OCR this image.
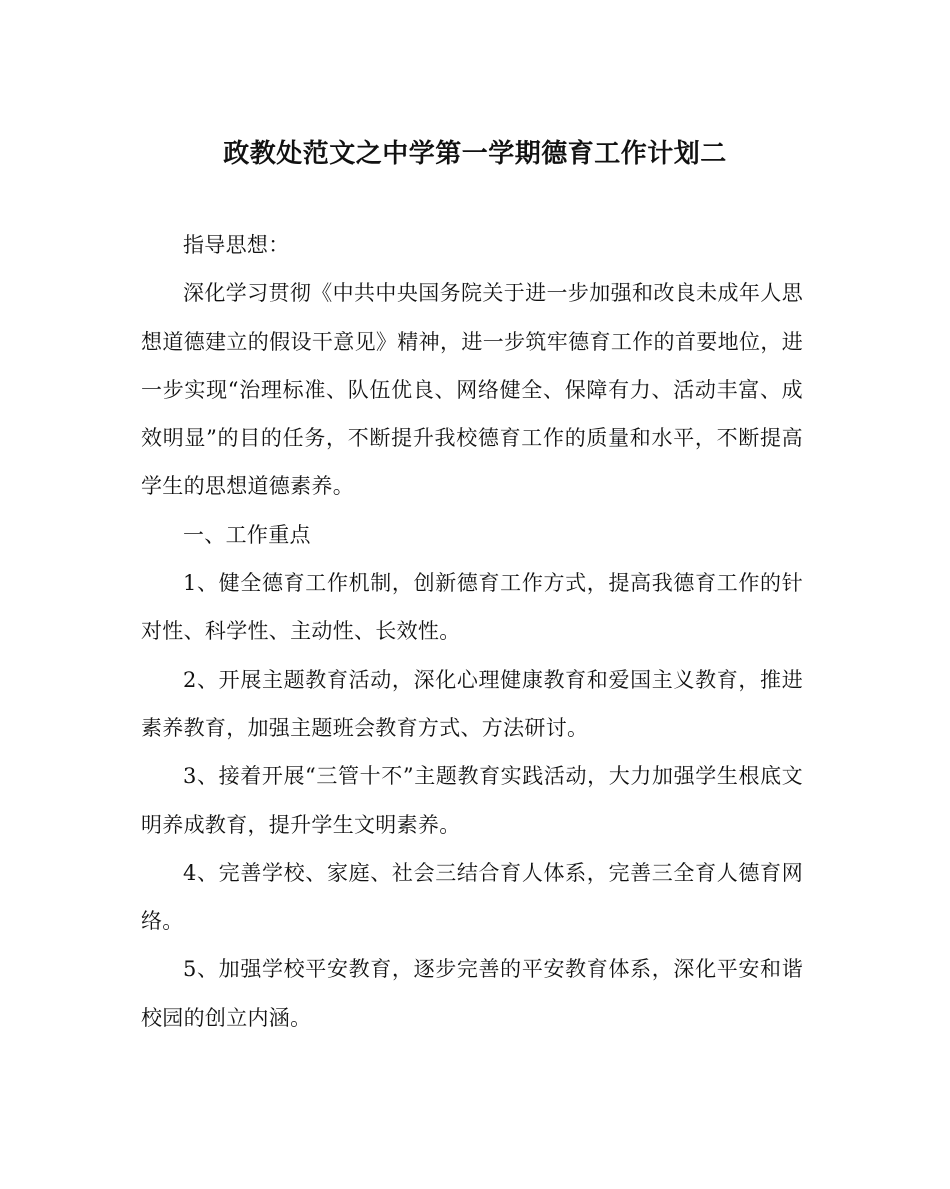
政教处范文之中学第一学期德育工作计划二

指导思想：

深化学习贯彻《中共中央国务院关于进一步加强和改良未成年人思想道德建立的假设干意见》精神，进一步筑牢德育工作的首要地位，进一步实现“治理标准、队伍优良、网络健全、保障有力、活动丰富、成效明显”的目的任务，不断提升我校德育工作的质量和水平，不断提高学生的思想道德素养。

一、工作重点

1、健全德育工作机制，创新德育工作方式，提高我德育工作的针对性、科学性、主动性、长效性。

2、开展主题教育活动，深化心理健康教育和爱国主义教育，推进素养教育，加强主题班会教育方式、方法研讨。

3、接着开展“三管十不”主题教育实践活动，大力加强学生根底文明养成教育，提升学生文明素养。

4、完善学校、家庭、社会三结合育人体系，完善三全育人德育网络。

5、加强学校平安教育，逐步完善的平安教育体系，深化平安和谐校园的创立内涵。
